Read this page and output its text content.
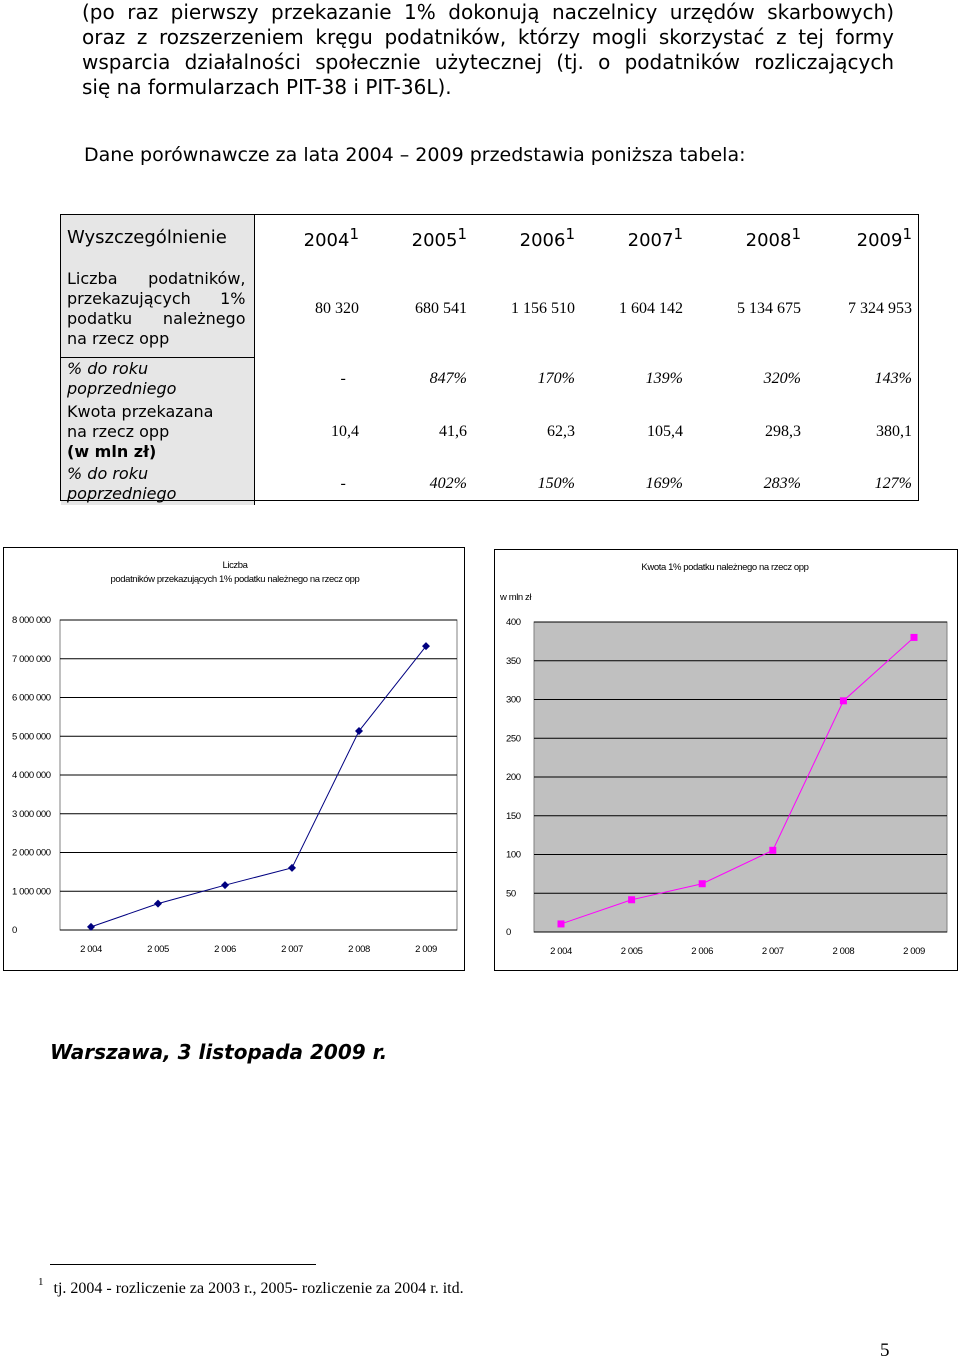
(po raz pierwszy przekazanie 1% dokonują naczelnicy urzędów skarbowych)
oraz z rozszerzeniem kręgu podatników, którzy mogli skorzystać z tej formy
wsparcia działalności społecznie użytecznej (tj. o podatników rozliczających
się na formularzach PIT-38 i PIT-36L).
Dane porównawcze za lata 2004 – 2009 przedstawia poniższa tabela:
Wyszczególnienie	2004$^1$	2005$^1$	2006$^1$	2007$^1$	2008$^1$	2009$^1$

Liczba podatników,
przekazujących 1%
podatku należnego
na rzecz opp	80 320	680 541	1 156 510	1 604 142	5 134 675	7 324 953

% do roku
poprzedniego	-	847%	170%	139%	320%	143%

Kwota przekazana
na rzecz opp
(w mln zł)	10,4	41,6	62,3	105,4	298,3	380,1

% do roku
poprzedniego	-	402%	150%	169%	283%	127%
Liczba
podatników przekazujących 1% podatku należnego na rzecz opp
0
1 000 000
2 000 000
3 000 000
4 000 000
5 000 000
6 000 000
7 000 000
8 000 000
2 004	2 005	2 006	2 007	2 008	2 009
Kwota 1% podatku należnego na rzecz opp
w mln zł
0
50
100
150
200
250
300
350
400
2 004	2 005	2 006	2 007	2 008	2 009
Warszawa, 3 listopada 2009 r.
$^1$ tj. 2004 - rozliczenie za 2003 r., 2005- rozliczenie za 2004 r. itd.
5
